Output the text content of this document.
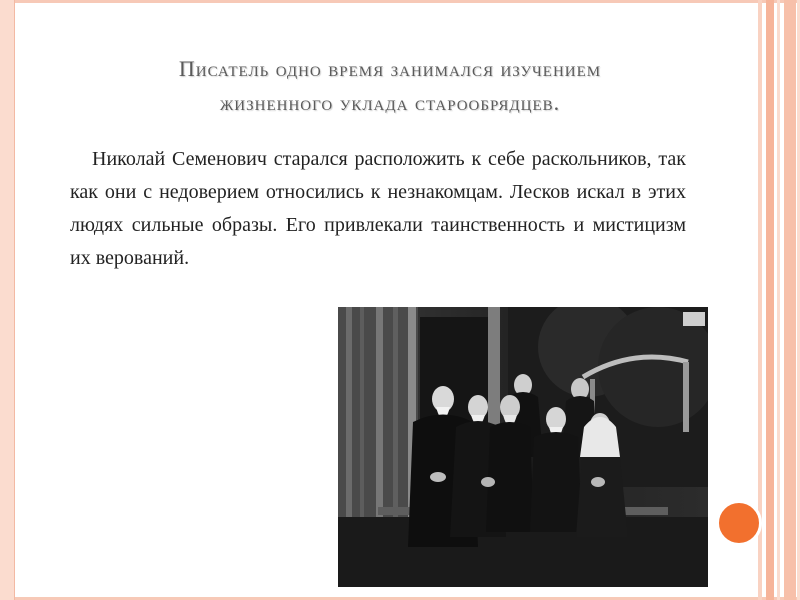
Писатель одно время занимался изучением
жизненного уклада старообрядцев.
Николай Семенович старался расположить к себе раскольников, так как они с недоверием относились к незнакомцам. Лесков искал в этих людях сильные образы. Его привлекали таинственность и мистицизм их верований.
